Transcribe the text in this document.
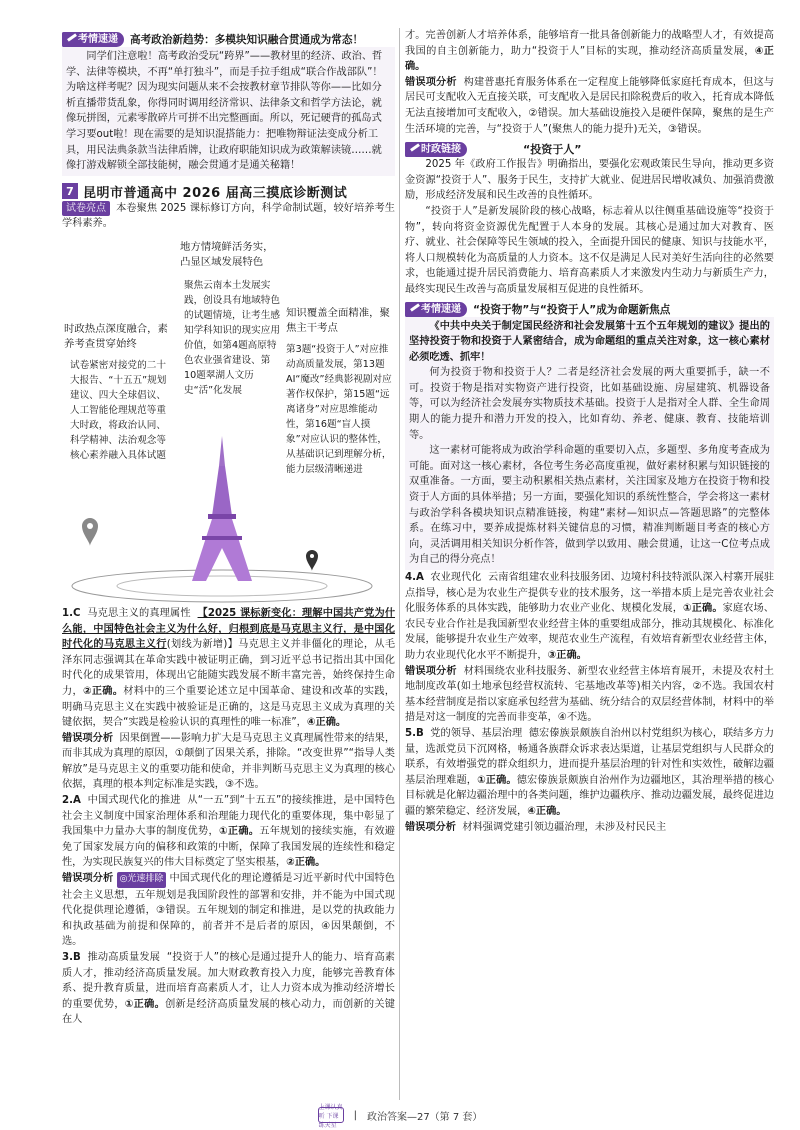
考情速递	高考政治新趋势：多模块知识融合贯通成为常态！
同学们注意啦！高考政治受玩“跨界”——教材里的经济、政治、哲学、法律等模块，不再“单打独斗”，而是手拉手组成“联合作战部队”！为啥这样考呢？因为现实问题从来不会按教材章节排队等你——比如分析直播带货乱象，你得同时调用经济常识、法律条文和哲学方法论，就像玩拼图，元素零散碎片可拼不出完整画面。所以，死记硬背的孤岛式学习要out啦！现在需要的是知识混搭能力：把唯物辩证法变成分析工具，用民法典条款当法律盾牌，让政府职能知识成为政策解读镜……就像打游戏解锁全部技能树，融会贯通才是通关秘籍！
7 昆明市普通高中 2026 届高三摸底诊断测试

试卷亮点 本卷聚焦 2025 课标修订方向，科学命制试题，较好培养考生学科素养。

地方情境鲜活务实，凸显区域发展特色
聚焦云南本土发展实践，创设具有地域特色的试题情境，让考生感知学科知识的现实应用价值，如第4题高原特色农业强省建设、第10题翠湖人文历史“活”化发展
知识覆盖全面精准，聚焦主干考点
第3题“投资于人”对应推动高质量发展，第13题AI“魔改”经典影视剧对应著作权保护，第15题“远离诸身”对应思维能动性，第16题“盲人摸象”对应认识的整体性，从基础识记到理解分析，能力层级清晰递进
时政热点深度融合，素养考查贯穿始终
试卷紧密对接党的二十大报告、“十五五”规划建议、四大全球倡议、人工智能伦理规范等重大时政，将政治认同、科学精神、法治观念等核心素养融入具体试题

1.C 马克思主义的真理属性 【2025 课标新变化：理解中国共产党为什么能，中国特色社会主义为什么好，归根到底是马克思主义行，是中国化时代化的马克思主义行(划线为新增)】马克思主义并非僵化的理论，从毛泽东同志强调其在革命实践中被证明正确，到习近平总书记指出其中国化时代化的成果管用，体现出它能随实践发展不断丰富完善，始终保持生命力，②正确。材料中的三个重要论述立足中国革命、建设和改革的实践，明确马克思主义在实践中被验证是正确的，这是马克思主义成为真理的关键依据，契合“实践是检验认识的真理性的唯一标准”，④正确。

错误项分析 因果倒置——影响力扩大是马克思主义真理属性带来的结果，而非其成为真理的原因，①颠倒了因果关系，排除。“改变世界”“指导人类解放”是马克思主义的重要功能和使命，并非判断马克思主义为真理的核心依据，真理的根本判定标准是实践，③不选。

2.A 中国式现代化的推进 从“一五”到“十五五”的接续推进，是中国特色社会主义制度中国家治理体系和治理能力现代化的重要体现，集中彰显了我国集中力量办大事的制度优势，①正确。五年规划的接续实施，有效避免了国家发展方向的偏移和政策的中断，保障了我国发展的连续性和稳定性，为实现民族复兴的伟大目标奠定了坚实根基，②正确。

错误项分析 ◎光速排除 中国式现代化的理论遵循是习近平新时代中国特色社会主义思想，五年规划是我国阶段性的部署和安排，并不能为中国式现代化提供理论遵循，③错误。五年规划的制定和推进，是以党的执政能力和执政基础为前提和保障的，前者并不是后者的原因，④因果颠倒，不选。

3.B 推动高质量发展 “投资于人”的核心是通过提升人的能力、培育高素质人才，推动经济高质量发展。加大财政教育投入力度，能够完善教育体系、提升教育质量，进而培育高素质人才，让人力资本成为推动经济增长的重要优势，①正确。创新是经济高质量发展的核心动力，而创新的关键在人

才。完善创新人才培养体系，能够培育一批具备创新能力的战略型人才，有效提高我国的自主创新能力，助力“投资于人”目标的实现，推动经济高质量发展，④正确。

错误项分析 构建普惠托育服务体系在一定程度上能够降低家庭托育成本，但这与居民可支配收入无直接关联，可支配收入是居民扣除税费后的收入，托育成本降低无法直接增加可支配收入，②错误。加大基础设施投入是硬件保障，聚焦的是生产生活环境的完善，与“投资于人”(聚焦人的能力提升)无关，③错误。

时政链接	“投资于人”

2025 年《政府工作报告》明确指出，要强化宏观政策民生导向，推动更多资金资源“投资于人”、服务于民生，支持扩大就业、促进居民增收减负、加强消费激励，形成经济发展和民生改善的良性循环。

“投资于人”是新发展阶段的核心战略，标志着从以往侧重基础设施等“投资于物”，转向将资金资源优先配置于人本身的发展。其核心是通过加大对教育、医疗、就业、社会保障等民生领域的投入，全面提升国民的健康、知识与技能水平，将人口规模转化为高质量的人力资本。这不仅是满足人民对美好生活向往的必然要求，也能通过提升居民消费能力、培育高素质人才来激发内生动力与新质生产力，最终实现民生改善与高质量发展相互促进的良性循环。

考情速递	“投资于物”与“投资于人”成为命题新焦点

《中共中央关于制定国民经济和社会发展第十五个五年规划的建议》提出的坚持投资于物和投资于人紧密结合，成为命题组的重点关注对象，这一核心素材必须吃透、抓牢！

何为投资于物和投资于人？二者是经济社会发展的两大重要抓手，缺一不可。投资于物是指对实物资产进行投资，比如基础设施、房屋建筑、机器设备等，可以为经济社会发展夯实物质技术基础。投资于人是指对全人群、全生命周期人的能力提升和潜力开发的投入，比如育幼、养老、健康、教育、技能培训等。

这一素材可能将成为政治学科命题的重要切入点，多题型、多角度考查成为可能。面对这一核心素材，各位考生务必高度重视，做好素材积累与知识链接的双重准备。一方面，要主动积累相关热点素材，关注国家及地方在投资于物和投资于人方面的具体举措；另一方面，要强化知识的系统性整合，学会将这一素材与政治学科各模块知识点精准链接，构建“素材—知识点—答题思路”的完整体系。在练习中，要养成提炼材料关键信息的习惯，精准判断题目考查的核心方向，灵活调用相关知识分析作答，做到学以致用、融会贯通，让这一C位考点成为自己的得分亮点！

4.A 农业现代化 云南省组建农业科技服务团、边境村科技特派队深入村寨开展驻点指导，核心是为农业生产提供专业的技术服务，这一举措本质上是完善农业社会化服务体系的具体实践，能够助力农业产业化、规模化发展，①正确。家庭农场、农民专业合作社是我国新型农业经营主体的重要组成部分，推动其规模化、标准化发展，能够提升农业生产效率，规范农业生产流程，有效培育新型农业经营主体，助力农业现代化水平不断提升，③正确。

错误项分析 材料围绕农业科技服务、新型农业经营主体培育展开，未提及农村土地制度改革(如土地承包经营权流转、宅基地改革等)相关内容，②不选。我国农村基本经营制度是指以家庭承包经营为基础、统分结合的双层经营体制，材料中的举措是对这一制度的完善而非变革，④不选。

5.B 党的领导、基层治理 德宏傣族景颇族自治州以村党组织为核心，联结多方力量，选派党员下沉网格，畅通各族群众诉求表达渠道，让基层党组织与人民群众的联系，有效增强党的群众组织力，进而提升基层治理的针对性和实效性，破解边疆基层治理难题，①正确。德宏傣族景颇族自治州作为边疆地区，其治理举措的核心目标就是化解边疆治理中的各类问题，维护边疆秩序、推动边疆发展，最终促进边疆的繁荣稳定、经济发展，④正确。

错误项分析 材料强调党建引领边疆治理，未涉及村民民主

上课认真听 下课练天星
| 政治答案—27（第 7 套）
